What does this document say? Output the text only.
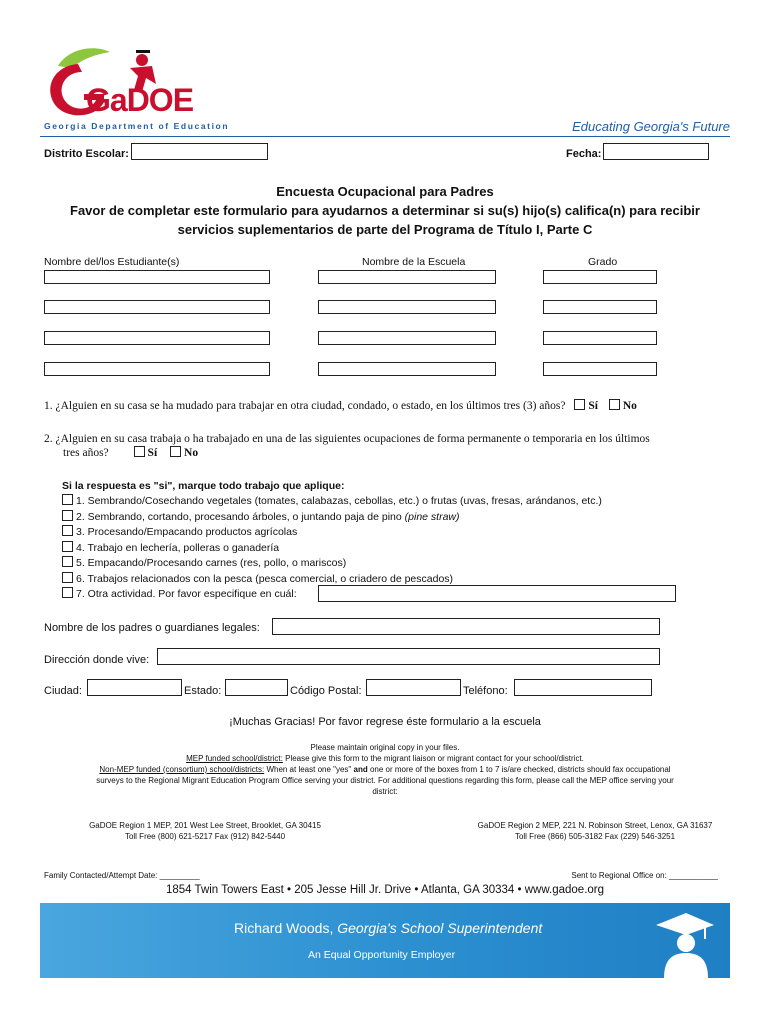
GaDOE
Georgia Department of Education	Educating Georgia's Future
Distrito Escolar:	Fecha:
Encuesta Ocupacional para Padres
Favor de completar este formulario para ayudarnos a determinar si su(s) hijo(s) califica(n) para recibir
servicios suplementarios de parte del Programa de Título I, Parte C
Nombre del/los Estudiante(s)	Nombre de la Escuela	Grado
1. ¿Alguien en su casa se ha mudado para trabajar en otra ciudad, condado, o estado, en los últimos tres (3) años? Sí No
2. ¿Alguien en su casa trabaja o ha trabajado en una de las siguientes ocupaciones de forma permanente o temporaria en los últimos
tres años?	Sí No
Si la respuesta es "si", marque todo trabajo que aplique:
1. Sembrando/Cosechando vegetales (tomates, calabazas, cebollas, etc.) o frutas (uvas, fresas, arándanos, etc.)
2. Sembrando, cortando, procesando árboles, o juntando paja de pino (pine straw)
3. Procesando/Empacando productos agrícolas
4. Trabajo en lechería, polleras o ganadería
5. Empacando/Procesando carnes (res, pollo, o mariscos)
6. Trabajos relacionados con la pesca (pesca comercial, o criadero de pescados)
7. Otra actividad. Por favor especifique en cuál:
Nombre de los padres o guardianes legales:
Dirección donde vive:
Ciudad:	Estado:	Código Postal:	Teléfono:
¡Muchas Gracias! Por favor regrese éste formulario a la escuela
Please maintain original copy in your files.
MEP funded school/district: Please give this form to the migrant liaison or migrant contact for your school/district.
Non-MEP funded (consortium) school/districts: When at least one "yes" and one or more of the boxes from 1 to 7 is/are checked, districts should fax occupational
surveys to the Regional Migrant Education Program Office serving your district. For additional questions regarding this form, please call the MEP office serving your
district:
GaDOE Region 1 MEP, 201 West Lee Street, Brooklet, GA 30415
Toll Free (800) 621-5217 Fax (912) 842-5440
GaDOE Region 2 MEP, 221 N. Robinson Street, Lenox, GA 31637
Toll Free (866) 505-3182 Fax (229) 546-3251
Family Contacted/Attempt Date: _________	Sent to Regional Office on: ___________
1854 Twin Towers East • 205 Jesse Hill Jr. Drive • Atlanta, GA 30334 • www.gadoe.org
Richard Woods, Georgia's School Superintendent
An Equal Opportunity Employer
